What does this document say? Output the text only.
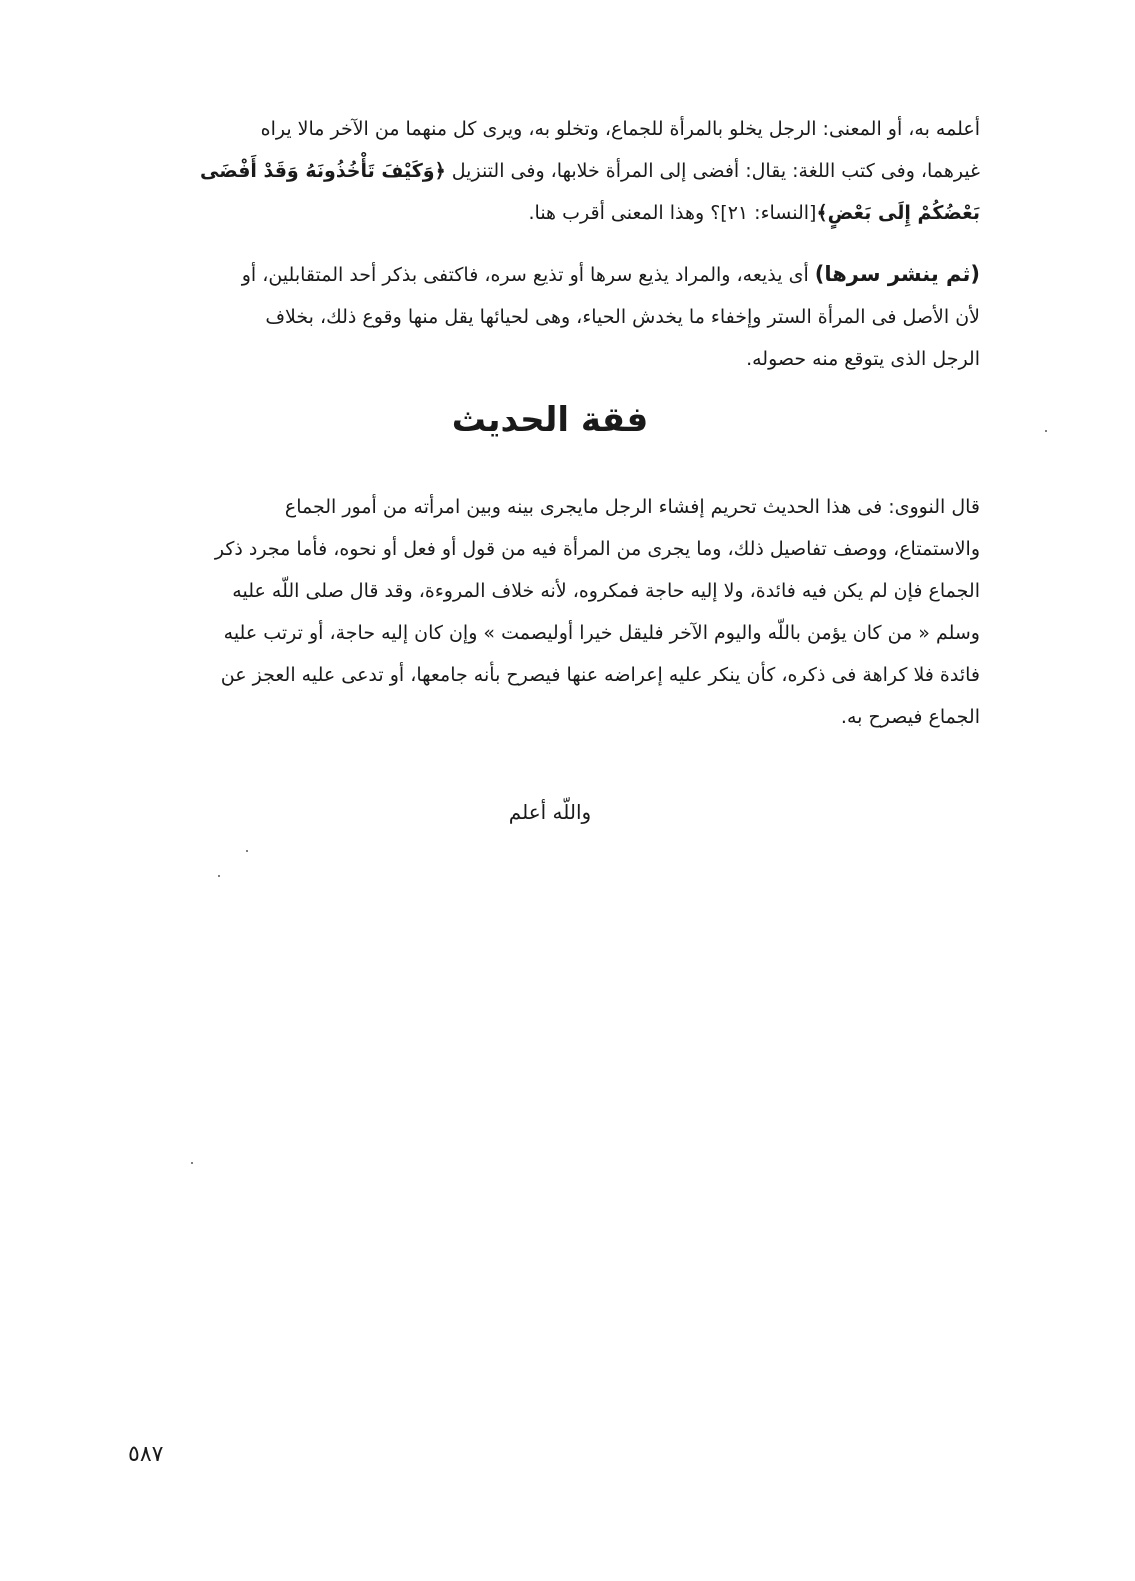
أعلمه به، أو المعنى: الرجل يخلو بالمرأة للجماع، وتخلو به، ويرى كل منهما من الآخر مالا يراه
غيرهما، وفى كتب اللغة: يقال: أفضى إلى المرأة خلابها، وفى التنزيل ﴿وَكَيْفَ تَأْخُذُونَهُ وَقَدْ أَفْضَى
بَعْضُكُمْ إِلَى بَعْضٍ﴾[النساء: ٢١]؟ وهذا المعنى أقرب هنا.
(ثم ينشر سرها) أى يذيعه، والمراد يذيع سرها أو تذيع سره، فاكتفى بذكر أحد المتقابلين، أو
لأن الأصل فى المرأة الستر وإخفاء ما يخدش الحياء، وهى لحيائها يقل منها وقوع ذلك، بخلاف
الرجل الذى يتوقع منه حصوله.
فقة الحديث
قال النووى: فى هذا الحديث تحريم إفشاء الرجل مايجرى بينه وبين امرأته من أمور الجماع
والاستمتاع، ووصف تفاصيل ذلك، وما يجرى من المرأة فيه من قول أو فعل أو نحوه، فأما مجرد ذكر
الجماع فإن لم يكن فيه فائدة، ولا إليه حاجة فمكروه، لأنه خلاف المروءة، وقد قال صلى اللّه عليه
وسلم « من كان يؤمن باللّه واليوم الآخر فليقل خيرا أوليصمت » وإن كان إليه حاجة، أو ترتب عليه
فائدة فلا كراهة فى ذكره، كأن ينكر عليه إعراضه عنها فيصرح بأنه جامعها، أو تدعى عليه العجز عن
الجماع فيصرح به.
واللّه أعلم
٥٨٧
